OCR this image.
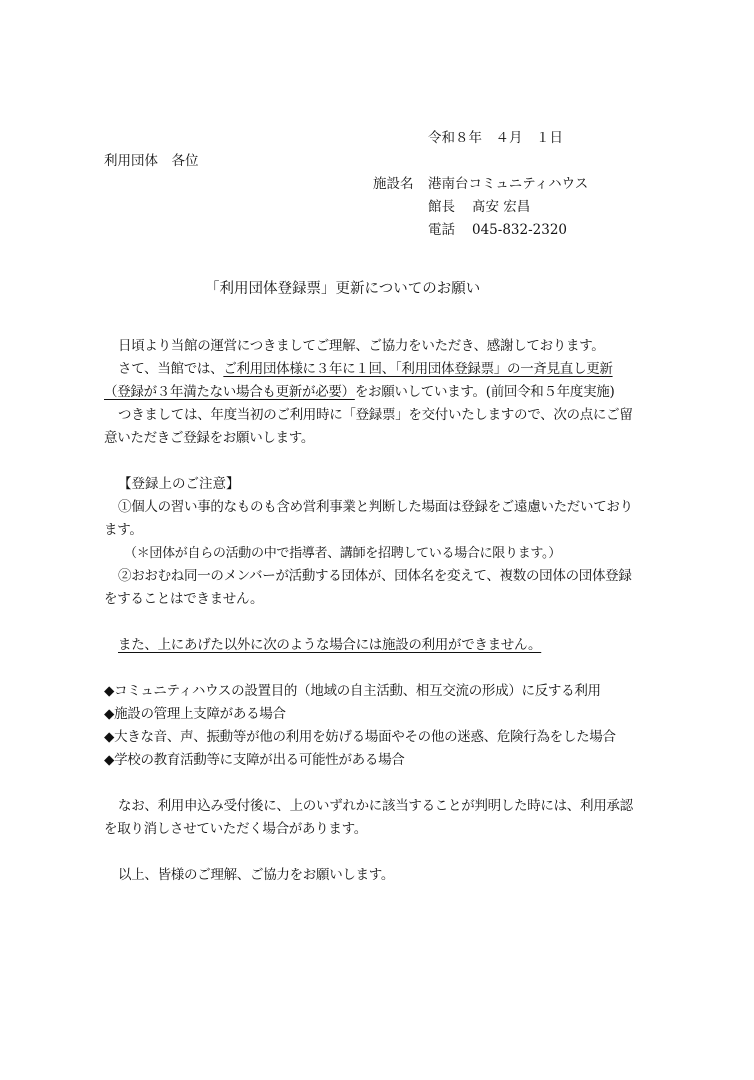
令和８年　４月　１日
利用団体　各位
施設名 港南台コミュニティハウス
館長 髙安 宏昌
電話 045-832-2320
「利用団体登録票」更新についてのお願い
日頃より当館の運営につきましてご理解、ご協力をいただき、感謝しております。
さて、当館では、ご利用団体様に３年に１回、「利用団体登録票」の一斉見直し更新
（登録が３年満たない場合も更新が必要）をお願いしています。(前回令和５年度実施)
つきましては、年度当初のご利用時に「登録票」を交付いたしますので、次の点にご留
意いただきご登録をお願いします。
【登録上のご注意】
①個人の習い事的なものも含め営利事業と判断した場面は登録をご遠慮いただいており
ます。
（＊団体が自らの活動の中で指導者、講師を招聘している場合に限ります。）
②おおむね同一のメンバーが活動する団体が、団体名を変えて、複数の団体の団体登録
をすることはできません。
また、上にあげた以外に次のような場合には施設の利用ができません。
◆コミュニティハウスの設置目的（地域の自主活動、相互交流の形成）に反する利用
◆施設の管理上支障がある場合
◆大きな音、声、振動等が他の利用を妨げる場面やその他の迷惑、危険行為をした場合
◆学校の教育活動等に支障が出る可能性がある場合
なお、利用申込み受付後に、上のいずれかに該当することが判明した時には、利用承認
を取り消しさせていただく場合があります。
以上、皆様のご理解、ご協力をお願いします。
